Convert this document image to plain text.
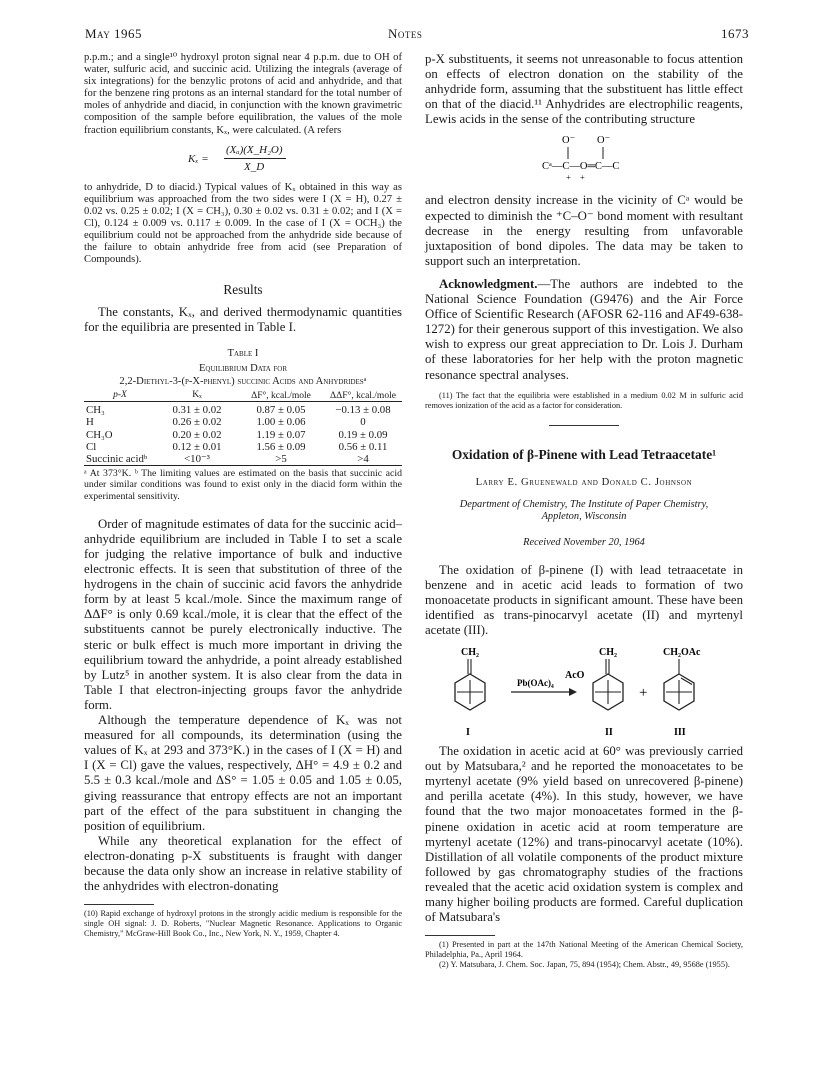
May 1965	Notes	1673

p.p.m.; and a single¹⁰ hydroxyl proton signal near 4 p.p.m. due to OH of water, sulfuric acid, and succinic acid. Utilizing the integrals (average of six integrations) for the benzylic protons of acid and anhydride, and that for the benzene ring protons as an internal standard for the total number of moles of anhydride and diacid, in conjunction with the known gravimetric composition of the sample before equilibration, the values of the mole fraction equilibrium constants, Kₓ, were calculated. (A refers

Kₓ =
(Xₐ)(X_H₂O)
X_D

to anhydride, D to diacid.) Typical values of Kₓ obtained in this way as equilibrium was approached from the two sides were I (X = H), 0.27 ± 0.02 vs. 0.25 ± 0.02; I (X = CH₃), 0.30 ± 0.02 vs. 0.31 ± 0.02; and I (X = Cl), 0.124 ± 0.009 vs. 0.117 ± 0.009. In the case of I (X = OCH₃) the equilibrium could not be approached from the anhydride side because of the failure to obtain anhydride free from acid (see Preparation of Compounds).

Results

The constants, Kₓ, and derived thermodynamic quantities for the equilibria are presented in Table I.

Table I
Equilibrium Data for
2,2-Diethyl-3-(p-X-phenyl) succinic Acids and Anhydridesᵃ
p-X	Kₓ	ΔF°, kcal./mole	ΔΔF°, kcal./mole

CH₃	0.31 ± 0.02	0.87 ± 0.05	−0.13 ± 0.08
H	0.26 ± 0.02	1.00 ± 0.06	0
CH₃O	0.20 ± 0.02	1.19 ± 0.07	0.19 ± 0.09
Cl	0.12 ± 0.01	1.56 ± 0.09	0.56 ± 0.11
Succinic acidᵇ	<10⁻³	>5	>4

ᵃ At 373°K. ᵇ The limiting values are estimated on the basis that succinic acid under similar conditions was found to exist only in the diacid form within the experimental sensitivity.

Order of magnitude estimates of data for the succinic acid–anhydride equilibrium are included in Table I to set a scale for judging the relative importance of bulk and inductive electronic effects. It is seen that substitution of three of the hydrogens in the chain of succinic acid favors the anhydride form by at least 5 kcal./mole. Since the maximum range of ΔΔF° is only 0.69 kcal./mole, it is clear that the effect of the substituents cannot be purely electronically inductive. The steric or bulk effect is much more important in driving the equilibrium toward the anhydride, a point already established by Lutz⁵ in another system. It is also clear from the data in Table I that electron-injecting groups favor the anhydride form.

Although the temperature dependence of Kₓ was not measured for all compounds, its determination (using the values of Kₓ at 293 and 373°K.) in the cases of I (X = H) and I (X = Cl) gave the values, respectively, ΔH° = 4.9 ± 0.2 and 5.5 ± 0.3 kcal./mole and ΔS° = 1.05 ± 0.05 and 1.05 ± 0.05, giving reassurance that entropy effects are not an important part of the effect of the para substituent in changing the position of equilibrium.

While any theoretical explanation for the effect of electron-donating p-X substituents is fraught with danger because the data only show an increase in relative stability of the anhydrides with electron-donating

(10) Rapid exchange of hydroxyl protons in the strongly acidic medium is responsible for the single OH signal: J. D. Roberts, "Nuclear Magnetic Resonance. Applications to Organic Chemistry," McGraw-Hill Book Co., Inc., New York, N. Y., 1959, Chapter 4.

p-X substituents, it seems not unreasonable to focus attention on effects of electron donation on the stability of the anhydride form, assuming that the substituent has little effect on that of the diacid.¹¹ Anhydrides are electrophilic reagents, Lewis acids in the sense of the contributing structure

O⁻ O⁻
Cᵃ—C—O═C—C
+ +

and electron density increase in the vicinity of Cᵃ would be expected to diminish the ⁺C–O⁻ bond moment with resultant decrease in the energy resulting from unfavorable juxtaposition of bond dipoles. The data may be taken to support such an interpretation.

Acknowledgment.—The authors are indebted to the National Science Foundation (G9476) and the Air Force Office of Scientific Research (AFOSR 62-116 and AF49-638-1272) for their generous support of this investigation. We also wish to express our great appreciation to Dr. Lois J. Durham of these laboratories for her help with the proton magnetic resonance spectral analyses.

(11) The fact that the equilibria were established in a medium 0.02 M in sulfuric acid removes ionization of the acid as a factor for consideration.

Oxidation of β-Pinene with Lead Tetraacetate¹
Larry E. Gruenewald and Donald C. Johnson
Department of Chemistry, The Institute of Paper Chemistry,
Appleton, Wisconsin
Received November 20, 1964

The oxidation of β-pinene (I) with lead tetraacetate in benzene and in acetic acid leads to formation of two monoacetate products in significant amount. These have been identified as trans-pinocarvyl acetate (II) and myrtenyl acetate (III).

CH₂
I
Pb(OAc)₄
CH₂
AcO
II
+
CH₂OAc
III

The oxidation in acetic acid at 60° was previously carried out by Matsubara,² and he reported the monoacetates to be myrtenyl acetate (9% yield based on unrecovered β-pinene) and perilla acetate (4%). In this study, however, we have found that the two major monoacetates formed in the β-pinene oxidation in acetic acid at room temperature are myrtenyl acetate (12%) and trans-pinocarvyl acetate (10%). Distillation of all volatile components of the product mixture followed by gas chromatography studies of the fractions revealed that the acetic acid oxidation system is complex and many higher boiling products are formed. Careful duplication of Matsubara's

(1) Presented in part at the 147th National Meeting of the American Chemical Society, Philadelphia, Pa., April 1964.

(2) Y. Matsubara, J. Chem. Soc. Japan, 75, 894 (1954); Chem. Abstr., 49, 9568e (1955).
